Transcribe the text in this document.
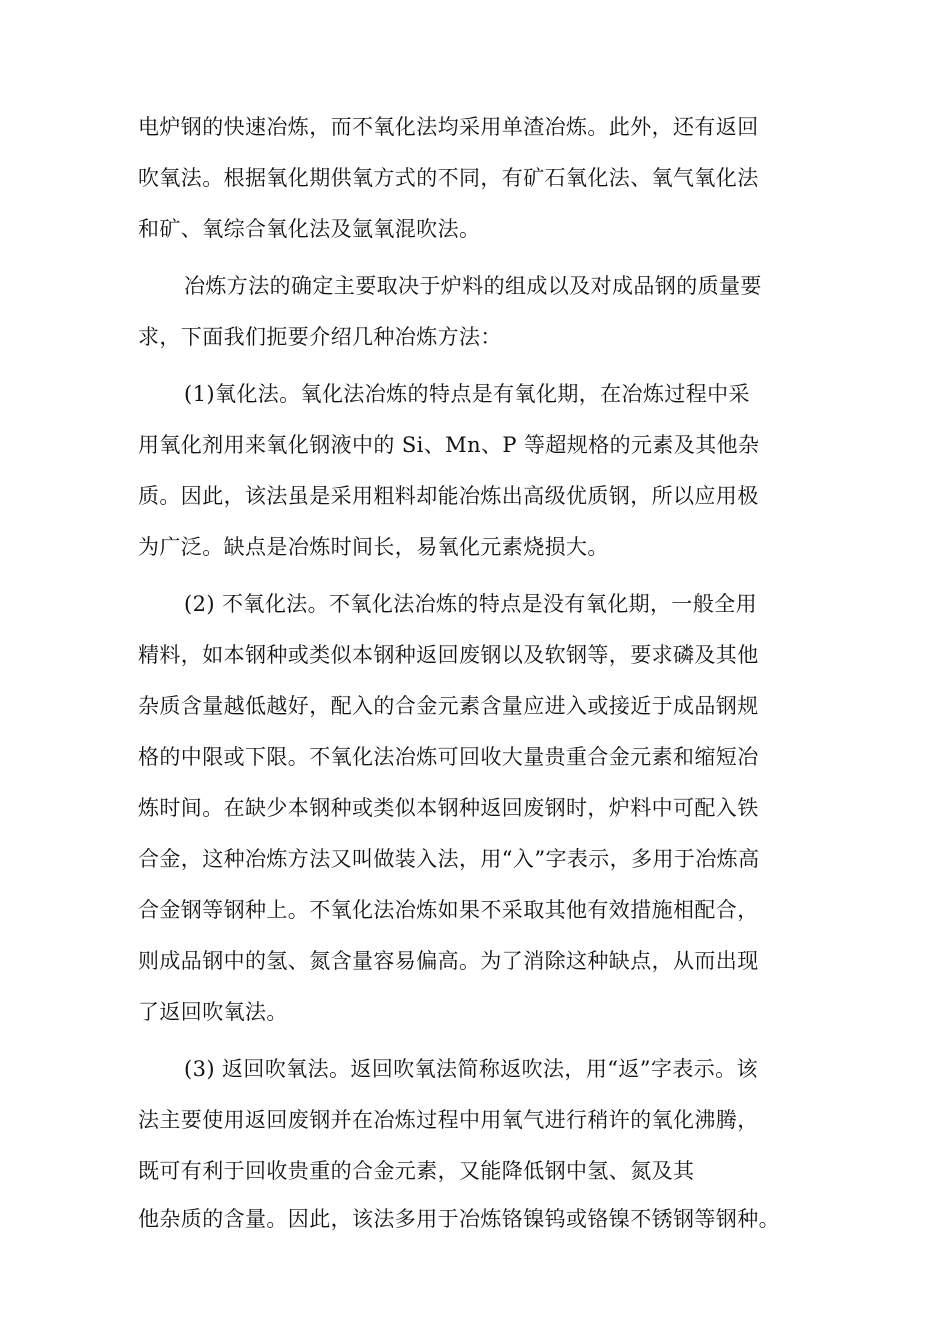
电炉钢的快速冶炼，而不氧化法均采用单渣冶炼。此外，还有返回
吹氧法。根据氧化期供氧方式的不同，有矿石氧化法、氧气氧化法
和矿、氧综合氧化法及氩氧混吹法。
冶炼方法的确定主要取决于炉料的组成以及对成品钢的质量要
求，下面我们扼要介绍几种冶炼方法：
(1)氧化法。氧化法冶炼的特点是有氧化期，在冶炼过程中采
用氧化剂用来氧化钢液中的 Si、Mn、P 等超规格的元素及其他杂
质。因此，该法虽是采用粗料却能冶炼出高级优质钢，所以应用极
为广泛。缺点是冶炼时间长，易氧化元素烧损大。
(2) 不氧化法。不氧化法冶炼的特点是没有氧化期，一般全用
精料，如本钢种或类似本钢种返回废钢以及软钢等，要求磷及其他
杂质含量越低越好，配入的合金元素含量应进入或接近于成品钢规
格的中限或下限。不氧化法冶炼可回收大量贵重合金元素和缩短冶
炼时间。在缺少本钢种或类似本钢种返回废钢时，炉料中可配入铁
合金，这种冶炼方法又叫做装入法，用“入”字表示，多用于冶炼高
合金钢等钢种上。不氧化法冶炼如果不采取其他有效措施相配合，
则成品钢中的氢、氮含量容易偏高。为了消除这种缺点，从而出现
了返回吹氧法。
(3) 返回吹氧法。返回吹氧法简称返吹法，用“返”字表示。该
法主要使用返回废钢并在冶炼过程中用氧气进行稍许的氧化沸腾，
既可有利于回收贵重的合金元素，又能降低钢中氢、氮及其
他杂质的含量。因此，该法多用于冶炼铬镍钨或铬镍不锈钢等钢种。
